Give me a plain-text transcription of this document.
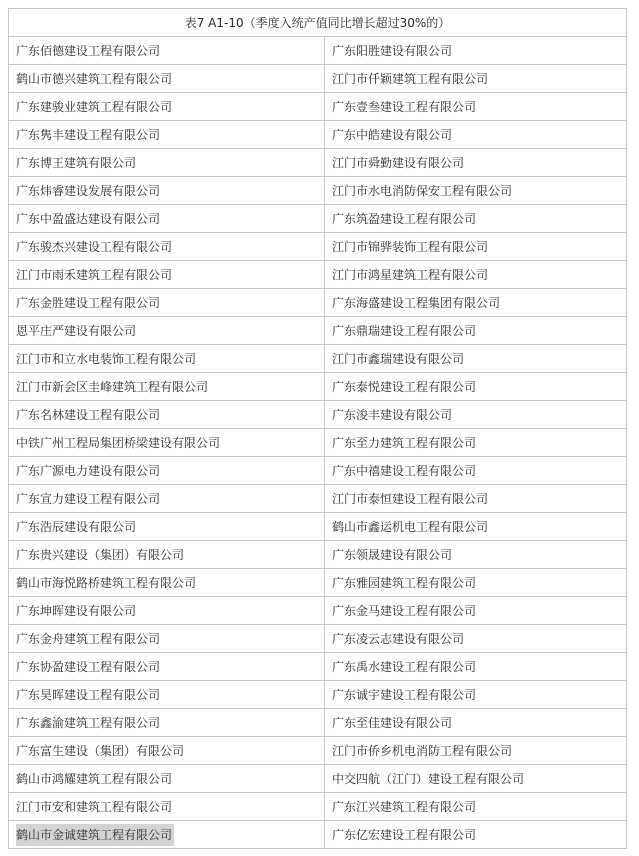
表7 A1-10（季度入统产值同比增长超过30%的）	
广东佰德建设工程有限公司	广东阳胜建设有限公司
鹤山市德兴建筑工程有限公司	江门市仟颖建筑工程有限公司
广东建骏业建筑工程有限公司	广东壹叁建设工程有限公司
广东隽丰建设工程有限公司	广东中皓建设有限公司
广东博王建筑有限公司	江门市舜勤建设有限公司
广东炜睿建设发展有限公司	江门市水电消防保安工程有限公司
广东中盈盛达建设有限公司	广东筑盈建设工程有限公司
广东骏杰兴建设工程有限公司	江门市锦骅装饰工程有限公司
江门市雨禾建筑工程有限公司	江门市鸿星建筑工程有限公司
广东金胜建设工程有限公司	广东海盛建设工程集团有限公司
恩平庄严建设有限公司	广东鼎瑞建设工程有限公司
江门市和立水电装饰工程有限公司	江门市鑫瑞建设有限公司
江门市新会区圭峰建筑工程有限公司	广东泰悦建设工程有限公司
广东名林建设工程有限公司	广东浚丰建设有限公司
中铁广州工程局集团桥梁建设有限公司	广东至力建筑工程有限公司
广东广源电力建设有限公司	广东中禧建设工程有限公司
广东宣力建设工程有限公司	江门市泰恒建设工程有限公司
广东浩辰建设有限公司	鹤山市鑫运机电工程有限公司
广东贵兴建设（集团）有限公司	广东领晟建设有限公司
鹤山市海悦路桥建筑工程有限公司	广东雅园建筑工程有限公司
广东坤晖建设有限公司	广东金马建设工程有限公司
广东金舟建筑工程有限公司	广东凌云志建设有限公司
广东协盈建设工程有限公司	广东禹水建设工程有限公司
广东昊晖建设工程有限公司	广东诚宇建设工程有限公司
广东鑫渝建筑工程有限公司	广东至佳建设有限公司
广东富生建设（集团）有限公司	江门市侨乡机电消防工程有限公司
鹤山市鸿耀建筑工程有限公司	中交四航（江门）建设工程有限公司
江门市安和建筑工程有限公司	广东江兴建筑工程有限公司
鹤山市金诚建筑工程有限公司	广东亿宏建设工程有限公司
